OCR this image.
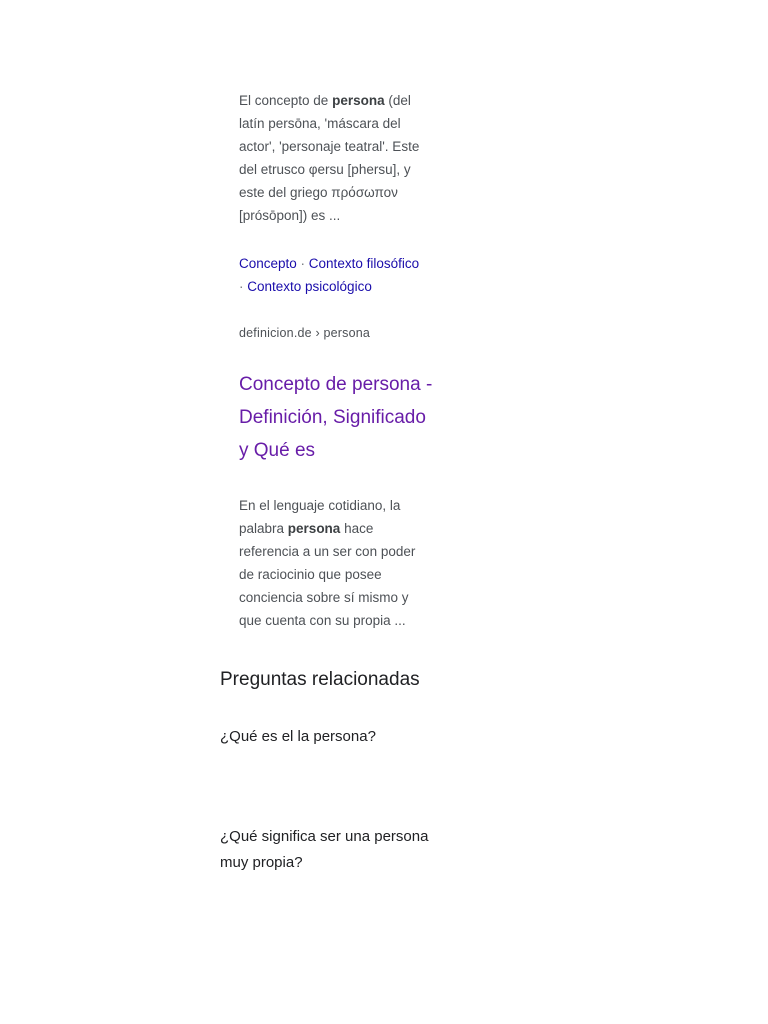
El concepto de persona (del latín persōna, 'máscara del actor', 'personaje teatral'. Este del etrusco φersu [phersu], y este del griego πρόσωπον [prósōpon]) es ...

Concepto · Contexto filosófico
· Contexto psicológico
definicion.de › persona
Concepto de persona - Definición, Significado y Qué es

En el lenguaje cotidiano, la palabra persona hace referencia a un ser con poder de raciocinio que posee conciencia sobre sí mismo y que cuenta con su propia ...

Preguntas relacionadas
¿Qué es el la persona?
¿Qué significa ser una persona muy propia?
